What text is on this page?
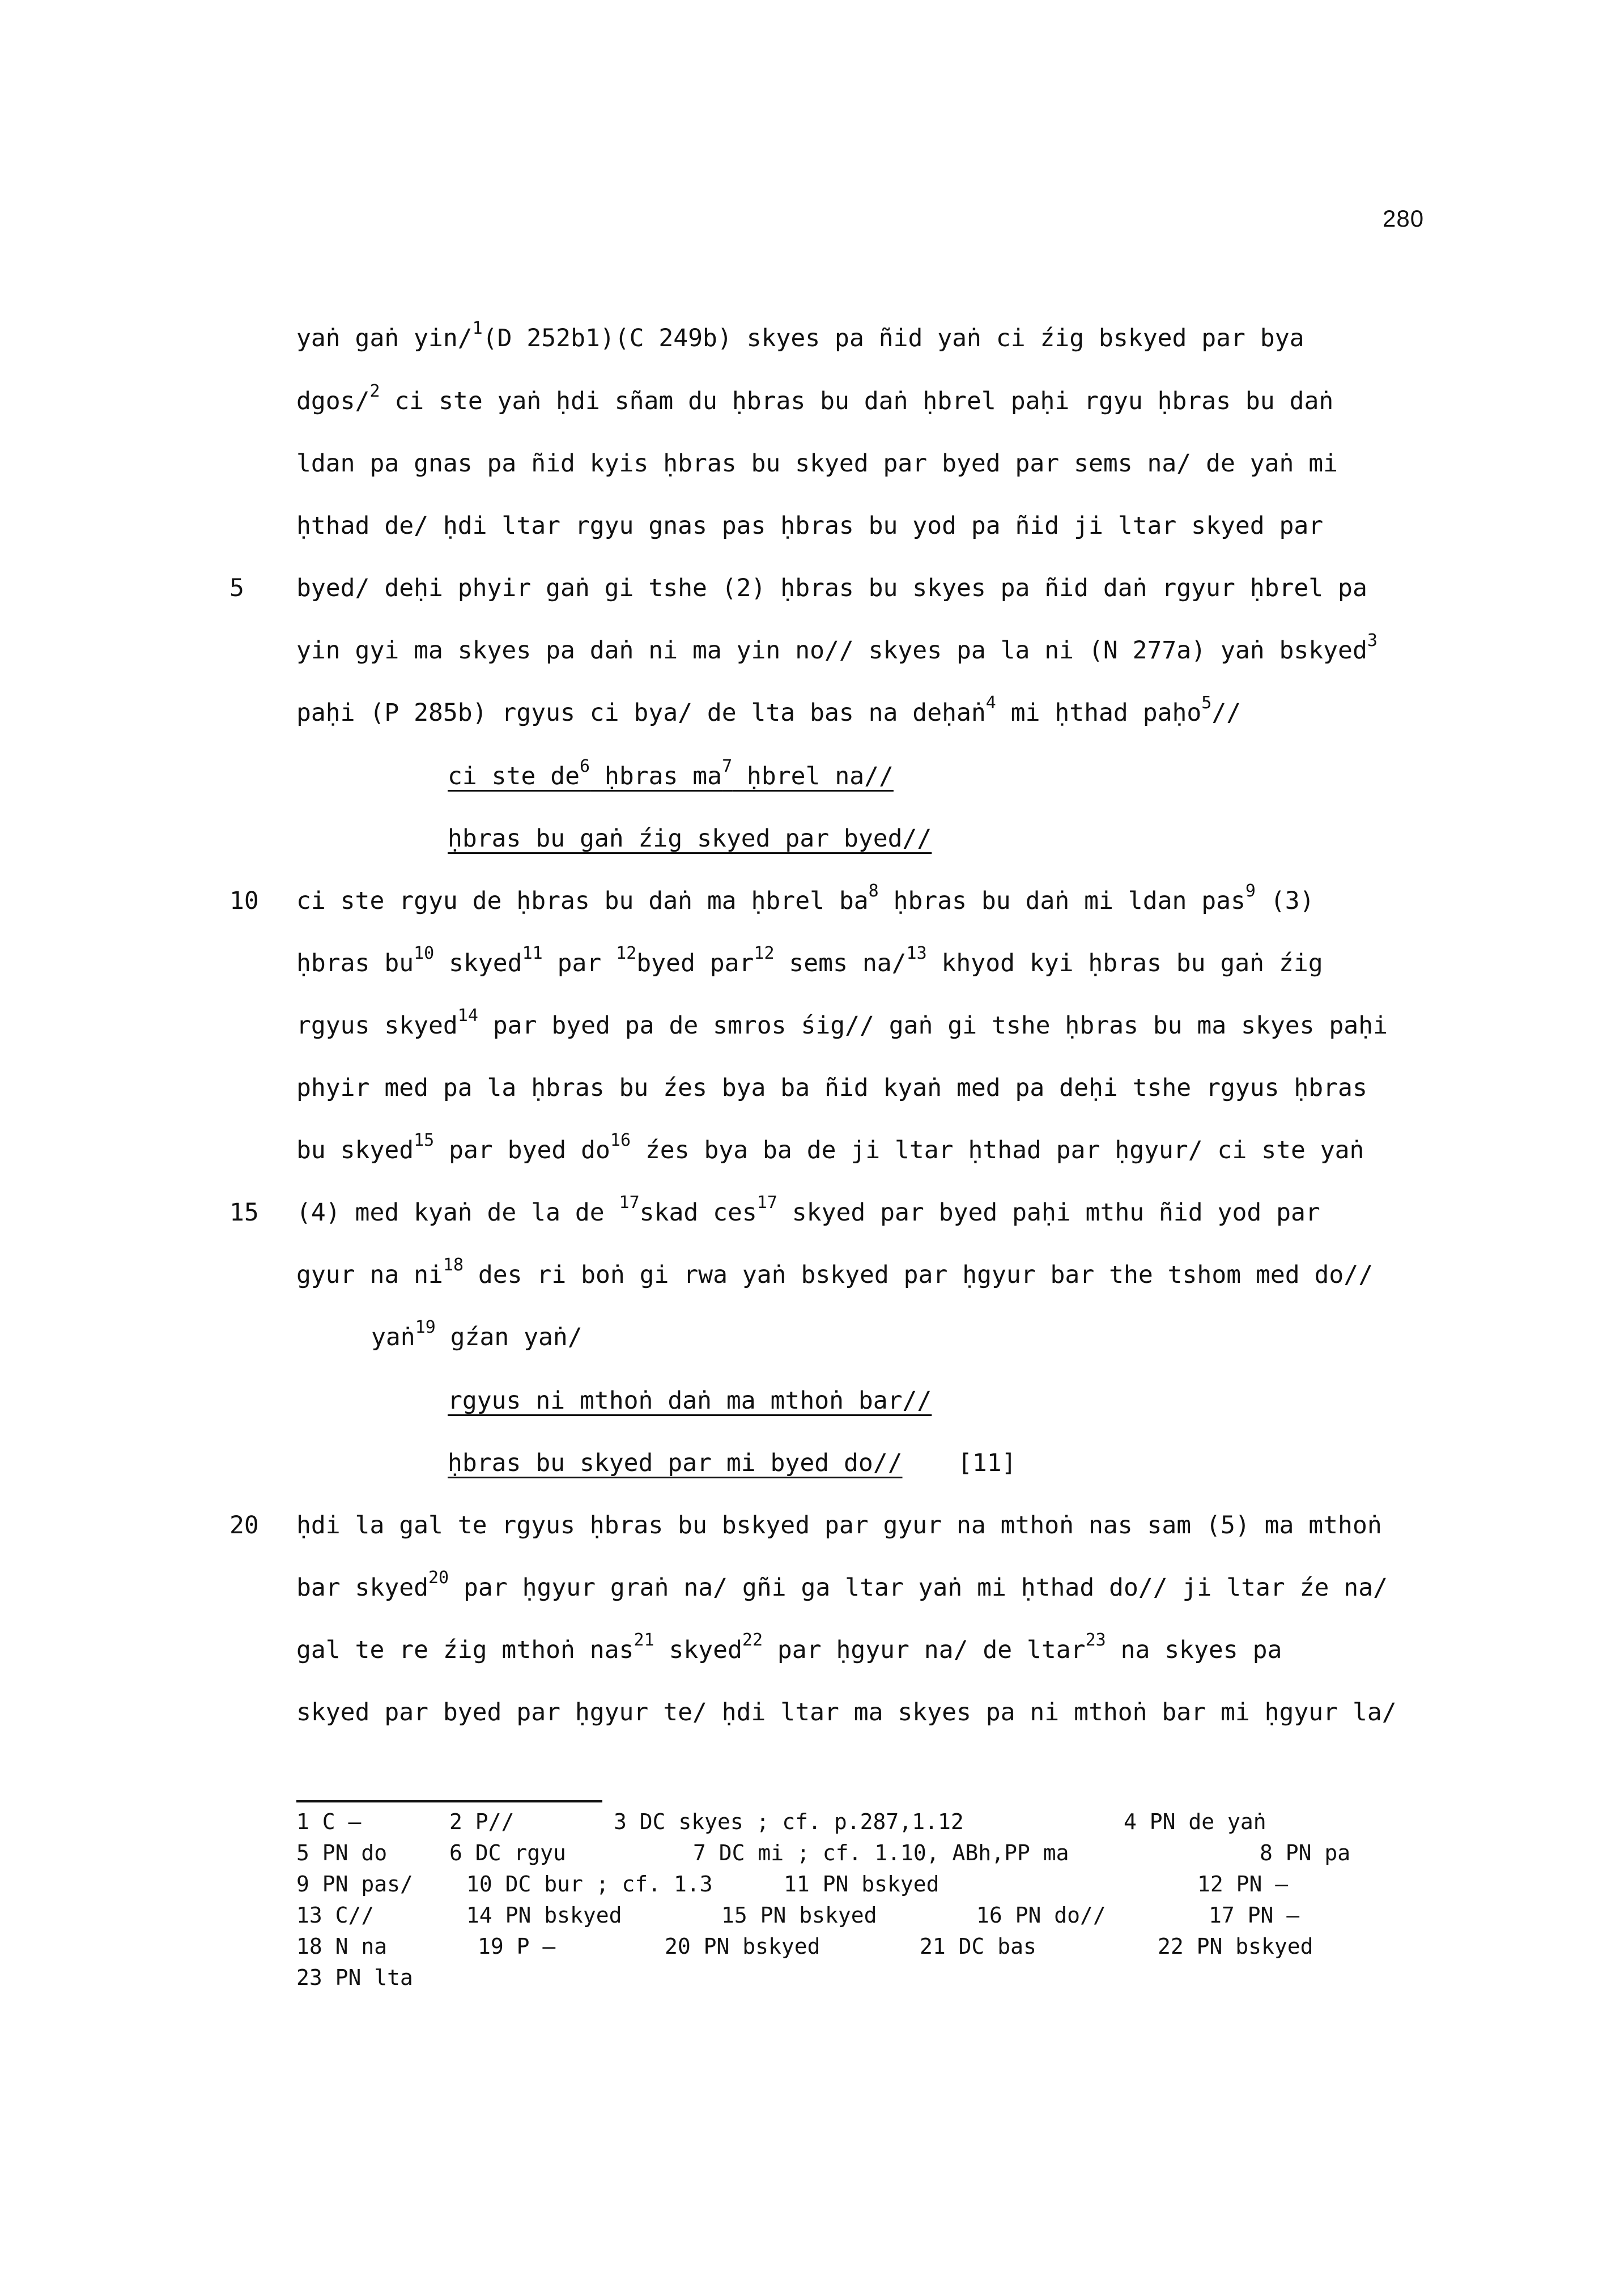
280
yaṅ gaṅ yin/$^1$(D 252b1)(C 249b) skyes pa ñid yaṅ ci źig bskyed par bya
dgos/$^2$ ci ste yaṅ ḥdi sñam du ḥbras bu daṅ ḥbrel paḥi rgyu ḥbras bu daṅ
ldan pa gnas pa ñid kyis ḥbras bu skyed par byed par sems na/ de yaṅ mi
ḥthad de/ ḥdi ltar rgyu gnas pas ḥbras bu yod pa ñid ji ltar skyed par
byed/ deḥi phyir gaṅ gi tshe (2) ḥbras bu skyes pa ñid daṅ rgyur ḥbrel pa
yin gyi ma skyes pa daṅ ni ma yin no// skyes pa la ni (N 277a) yaṅ bskyed$^3$
paḥi (P 285b) rgyus ci bya/ de lta bas na deḥaṅ$^4$ mi ḥthad paḥo$^5$//
ci ste $de^6$ ḥbras $ma^7$ ḥbrel na//
ḥbras bu gaṅ źig skyed par byed//
ci ste rgyu de ḥbras bu daṅ ma ḥbrel $ba^8$ ḥbras bu daṅ mi ldan pas$^9$ (3)
ḥbras $bu^{10}$ skyed$^{11}$ par $^{12}$byed par$^{12}$ sems na/$^{13}$ khyod kyi ḥbras bu gaṅ źig
rgyus skyed$^{14}$ par byed pa de smros śig// gaṅ gi tshe ḥbras bu ma skyes paḥi
phyir med pa la ḥbras bu źes bya ba ñid kyaṅ med pa deḥi tshe rgyus ḥbras
bu skyed$^{15}$ par byed $do^{16}$ źes bya ba de ji ltar ḥthad par ḥgyur/ ci ste yaṅ
(4) med kyaṅ de la de $^{17}$skad ces$^{17}$ skyed par byed paḥi mthu ñid yod par
gyur na $ni^{18}$ des ri boṅ gi rwa yaṅ bskyed par ḥgyur bar the tshom med do//
yaṅ$^{19}$ gźan yaṅ/
rgyus ni mthoṅ daṅ ma mthoṅ bar//
ḥbras bu skyed par mi byed do// [11]
ḥdi la gal te rgyus ḥbras bu bskyed par gyur na mthoṅ nas sam (5) ma mthoṅ
bar skyed$^{20}$ par ḥgyur graṅ na/ gñi ga ltar yaṅ mi ḥthad do// ji ltar źe na/
gal te re źig mthoṅ nas$^{21}$ skyed$^{22}$ par ḥgyur na/ de ltar$^{23}$ na skyes pa
skyed par byed par ḥgyur te/ ḥdi ltar ma skyes pa ni mthoṅ bar mi ḥgyur la/
5
10
15
20
1 C —	2 P//	3 DC skyes ; cf. p.287,1.12	4 PN de yaṅ
5 PN do	6 DC rgyu	7 DC mi ; cf. 1.10, ABh,PP ma	8 PN pa
9 PN pas/ 10 DC bur ; cf. 1.3	11 PN bskyed	12 PN —
13 C//	14 PN bskyed	15 PN bskyed	16 PN do//	17 PN —
18 N na	19 P —	20 PN bskyed	21 DC bas	22 PN bskyed
23 PN lta
